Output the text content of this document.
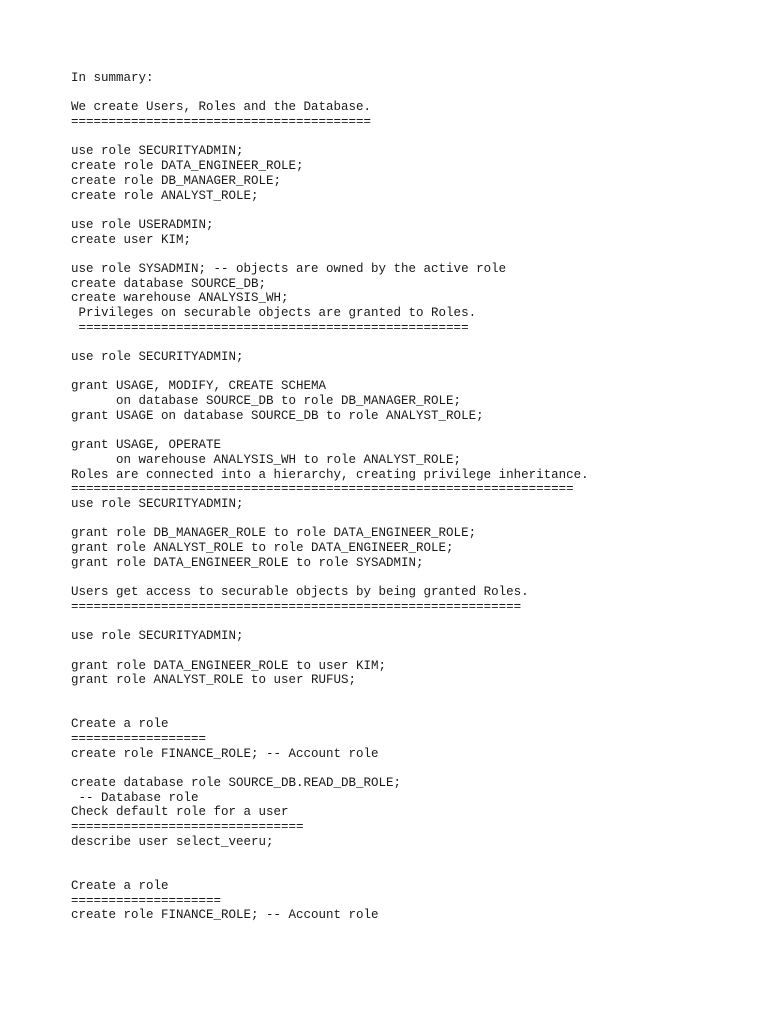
In summary:
We create Users, Roles and the Database.
========================================
use role SECURITYADMIN;
create role DATA_ENGINEER_ROLE;
create role DB_MANAGER_ROLE;
create role ANALYST_ROLE;
use role USERADMIN;
create user KIM;
use role SYSADMIN; -- objects are owned by the active role
create database SOURCE_DB;
create warehouse ANALYSIS_WH;
Privileges on securable objects are granted to Roles.
====================================================
use role SECURITYADMIN;
grant USAGE, MODIFY, CREATE SCHEMA
on database SOURCE_DB to role DB_MANAGER_ROLE;
grant USAGE on database SOURCE_DB to role ANALYST_ROLE;
grant USAGE, OPERATE
on warehouse ANALYSIS_WH to role ANALYST_ROLE;
Roles are connected into a hierarchy, creating privilege inheritance.
===================================================================
use role SECURITYADMIN;
grant role DB_MANAGER_ROLE to role DATA_ENGINEER_ROLE;
grant role ANALYST_ROLE to role DATA_ENGINEER_ROLE;
grant role DATA_ENGINEER_ROLE to role SYSADMIN;
Users get access to securable objects by being granted Roles.
============================================================
use role SECURITYADMIN;
grant role DATA_ENGINEER_ROLE to user KIM;
grant role ANALYST_ROLE to user RUFUS;
Create a role
==================
create role FINANCE_ROLE; -- Account role
create database role SOURCE_DB.READ_DB_ROLE;
-- Database role
Check default role for a user
===============================
describe user select_veeru;
Create a role
====================
create role FINANCE_ROLE; -- Account role
